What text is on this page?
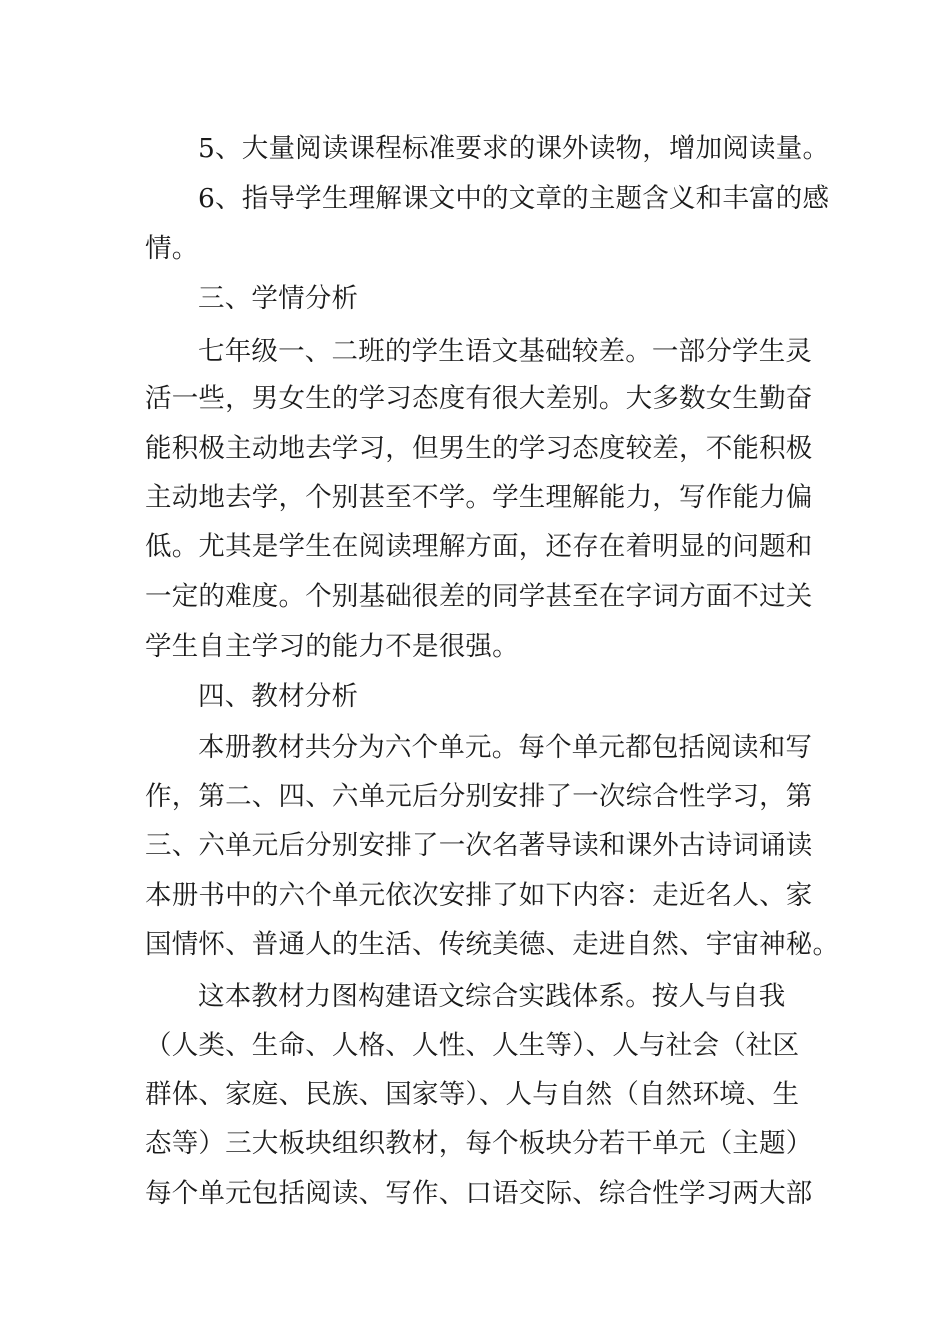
5、大量阅读课程标准要求的课外读物，增加阅读量。
6、指导学生理解课文中的文章的主题含义和丰富的感
情。
三、学情分析
七年级一、二班的学生语文基础较差。一部分学生灵
活一些，男女生的学习态度有很大差别。大多数女生勤奋
能积极主动地去学习，但男生的学习态度较差，不能积极
主动地去学，个别甚至不学。学生理解能力，写作能力偏
低。尤其是学生在阅读理解方面，还存在着明显的问题和
一定的难度。个别基础很差的同学甚至在字词方面不过关
学生自主学习的能力不是很强。
四、教材分析
本册教材共分为六个单元。每个单元都包括阅读和写
作，第二、四、六单元后分别安排了一次综合性学习，第
三、六单元后分别安排了一次名著导读和课外古诗词诵读
本册书中的六个单元依次安排了如下内容：走近名人、家
国情怀、普通人的生活、传统美德、走进自然、宇宙神秘。
这本教材力图构建语文综合实践体系。按人与自我
（人类、生命、人格、人性、人生等）、人与社会（社区
群体、家庭、民族、国家等）、人与自然（自然环境、生
态等）三大板块组织教材，每个板块分若干单元（主题）
每个单元包括阅读、写作、口语交际、综合性学习两大部
